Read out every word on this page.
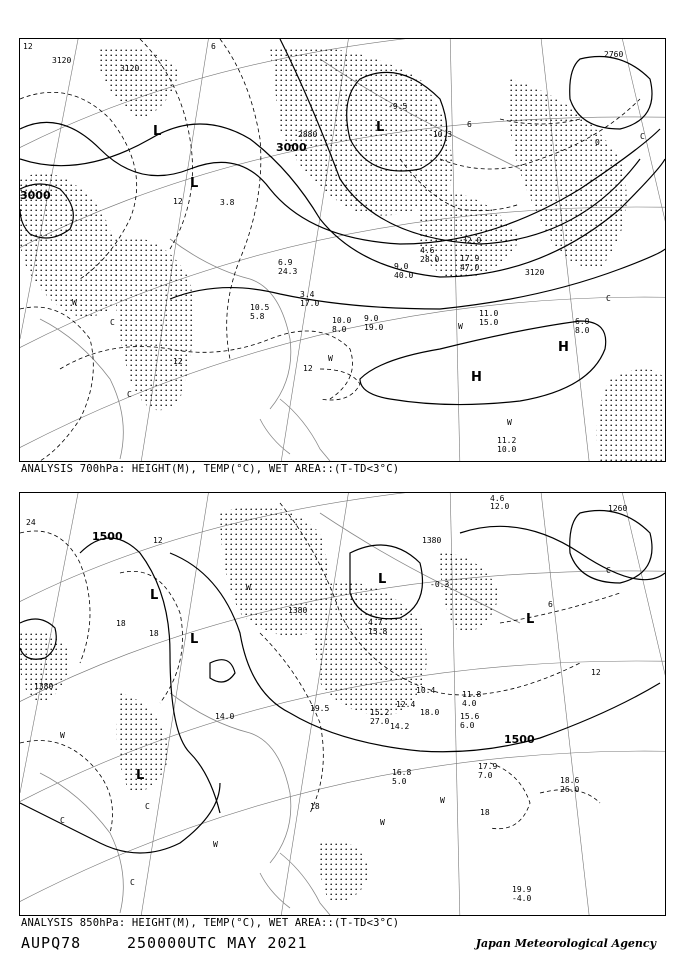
3120
3120
3000
3000
2880
2760
3120
12	6
12
12
0
12
6
L
L
L
H
H
W
W
W
W
C
C
C
C
11.0
15.0	6.0
8.0
11.2
10.0
9.0
19.0
10.0
8.0
9.0
40.0
10.5
5.8
3.4
17.0
6.9
24.3
4.6
28.0	17.9
47.0
32.0
-9.5
-10.3
3.8
ANALYSIS 700hPa: HEIGHT(M), TEMP(°C), WET AREA::(T-TD<3°C)
1500
1500
1380
1380
1260
1380
24
18
18
12
18
12
18
6
L
L
L
L
L
W
W
W
W
W
C
C
C
C
18.6
26.0
17.9
7.0
19.9
-4.0
16.8
5.0
15.2
27.0
14.2
11.8
4.0
12.4
18.0
10.4
19.5
15.6
6.0
4.7
15.8
14.0
12.0
4.6
-0.3
ANALYSIS 850hPa: HEIGHT(M), TEMP(°C), WET AREA::(T-TD<3°C)
AUPQ78	250000UTC MAY 2021	Japan Meteorological Agency
